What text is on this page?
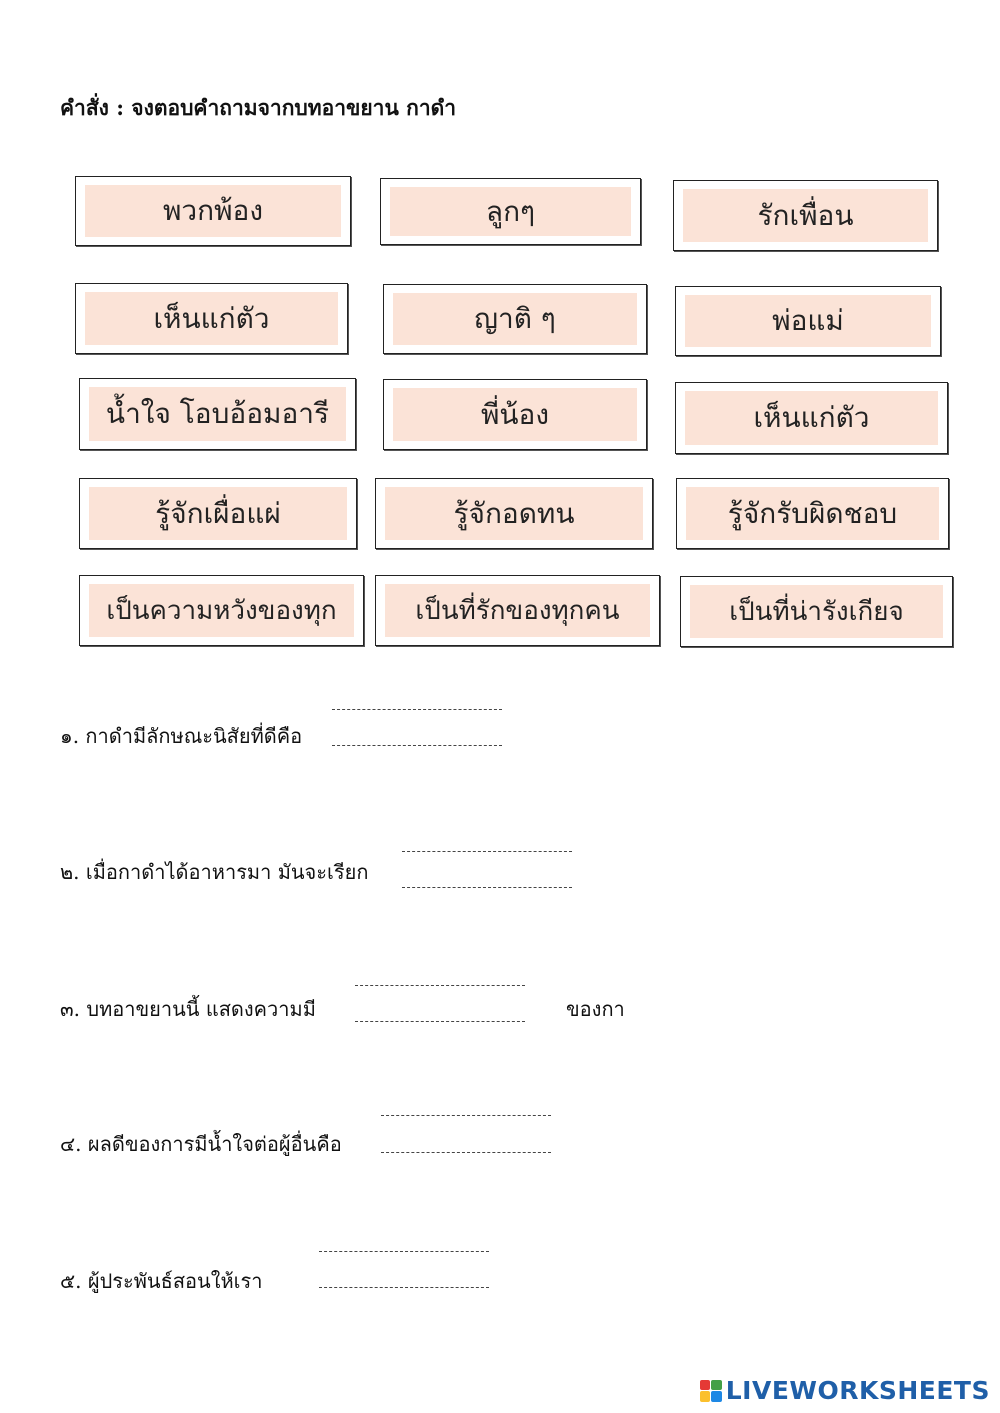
คำสั่ง : จงตอบคำถามจากบทอาขยาน กาดำ
พวกพ้อง	ลูกๆ	รักเพื่อน
เห็นแก่ตัว	ญาติ ๆ	พ่อแม่
น้ำใจ โอบอ้อมอารี	พี่น้อง	เห็นแก่ตัว
รู้จักเผื่อแผ่	รู้จักอดทน	รู้จักรับผิดชอบ
เป็นความหวังของทุก	เป็นที่รักของทุกคน	เป็นที่น่ารังเกียจ
๑. กาดำมีลักษณะนิสัยที่ดีคือ
๒. เมื่อกาดำได้อาหารมา มันจะเรียก
๓. บทอาขยานนี้ แสดงความมี	ของกา
๔. ผลดีของการมีน้ำใจต่อผู้อื่นคือ
๕. ผู้ประพันธ์สอนให้เรา
LIVEWORKSHEETS
